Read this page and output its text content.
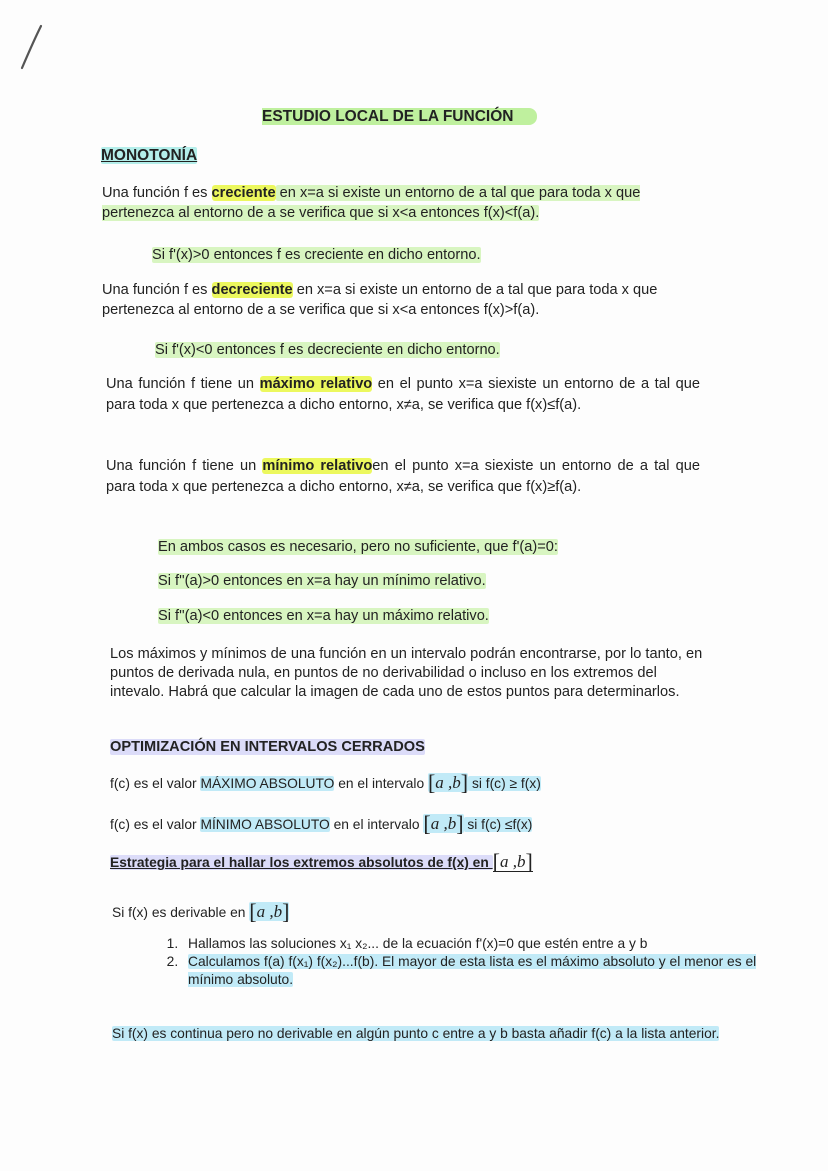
ESTUDIO LOCAL DE LA FUNCIÓN
MONOTONÍA
Una función f es creciente en x=a si existe un entorno de a tal que para toda x que pertenezca al entorno de a se verifica que si x<a entonces f(x)<f(a).
Si f'(x)>0 entonces f es creciente en dicho entorno.
Una función f es decreciente en x=a si existe un entorno de a tal que para toda x que pertenezca al entorno de a se verifica que si x<a entonces f(x)>f(a).
Si f'(x)<0 entonces f es decreciente en dicho entorno.
Una función f tiene un máximo relativo en el punto x=a siexiste un entorno de a tal que para toda x que pertenezca a dicho entorno, x≠a, se verifica que f(x)≤f(a).
Una función f tiene un mínimo relativoen el punto x=a siexiste un entorno de a tal que para toda x que pertenezca a dicho entorno, x≠a, se verifica que f(x)≥f(a).
En ambos casos es necesario, pero no suficiente, que f'(a)=0:
Si f''(a)>0 entonces en x=a hay un mínimo relativo.
Si f''(a)<0 entonces en x=a hay un máximo relativo.
Los máximos y mínimos de una función en un intervalo podrán encontrarse, por lo tanto, en puntos de derivada nula, en puntos de no derivabilidad o incluso en los extremos del intevalo. Habrá que calcular la imagen de cada uno de estos puntos para determinarlos.
OPTIMIZACIÓN EN INTERVALOS CERRADOS
f(c) es el valor MÁXIMO ABSOLUTO en el intervalo [a ,b] si f(c) ≥ f(x)
f(c) es el valor MÍNIMO ABSOLUTO en el intervalo [a ,b] si f(c) ≤f(x)
Estrategia para el hallar los extremos absolutos de f(x) en [a ,b]
Si f(x) es derivable en [a ,b]
1. Hallamos las soluciones x₁ x₂... de la ecuación f'(x)=0 que estén entre a y b
2. Calculamos f(a) f(x₁) f(x₂)...f(b). El mayor de esta lista es el máximo absoluto y el menor es el mínimo absoluto.
Si f(x) es continua pero no derivable en algún punto c entre a y b basta añadir f(c) a la lista anterior.
